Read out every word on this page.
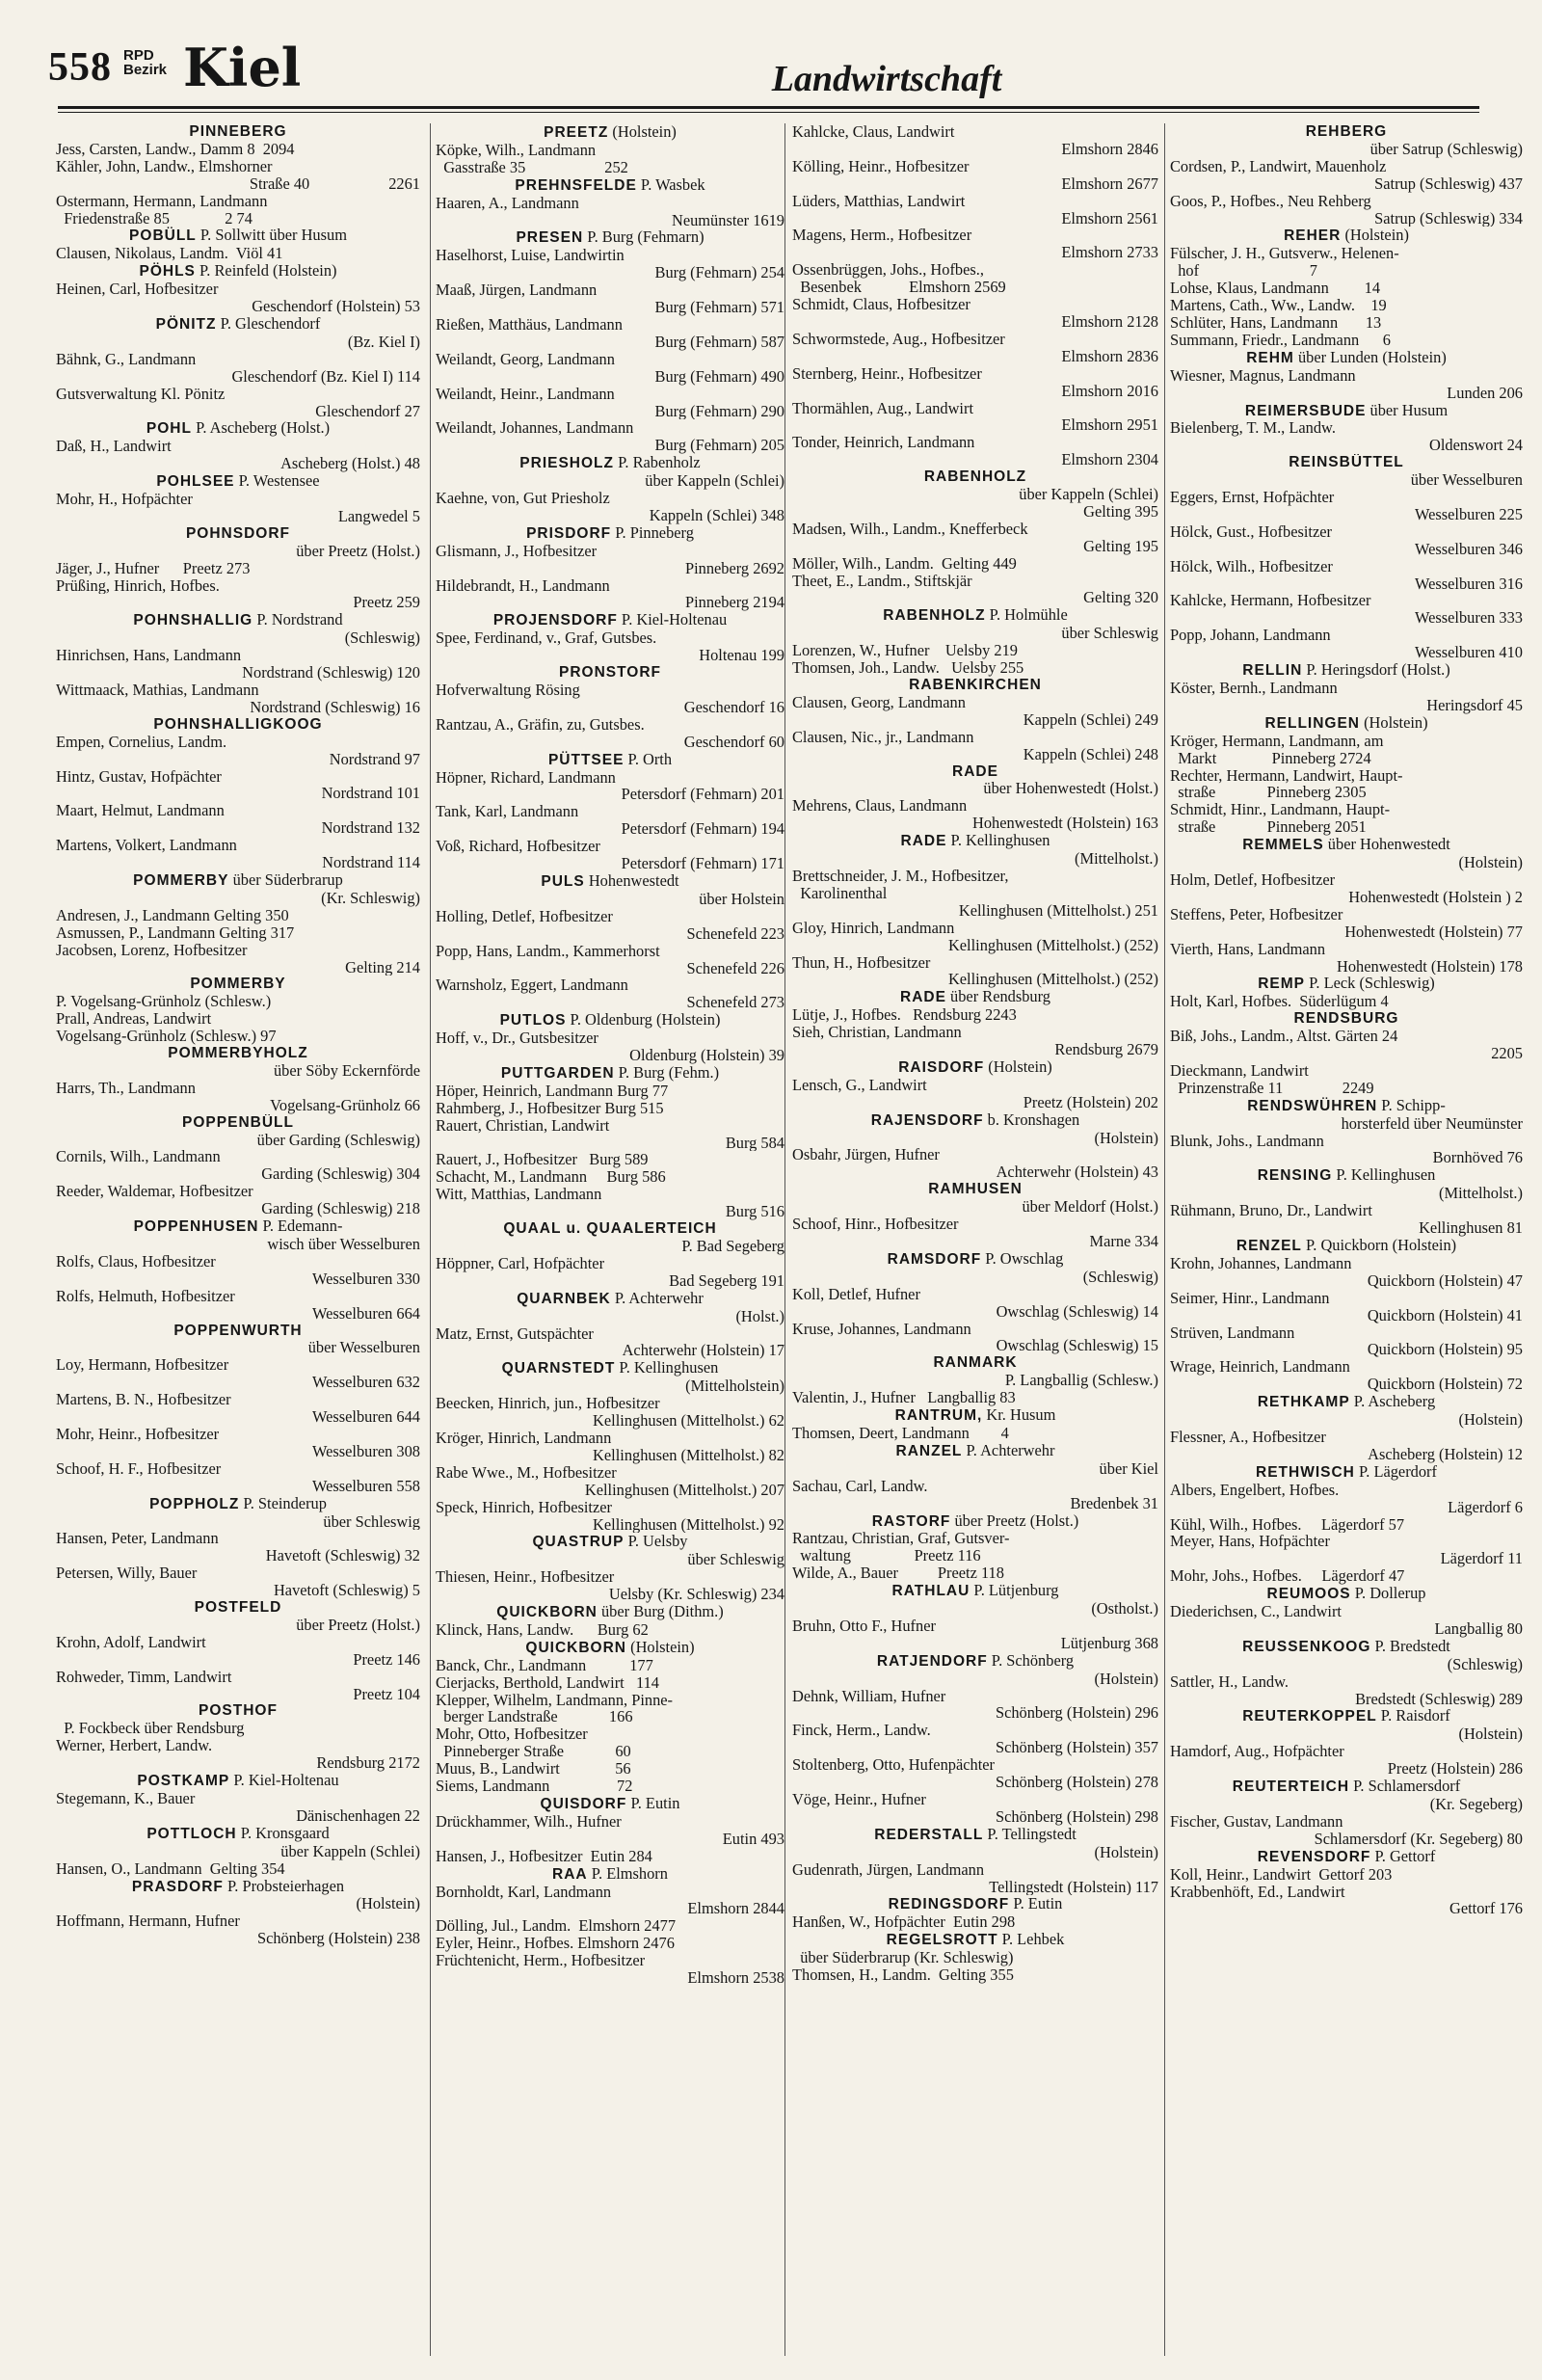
558 RPD
Bezirk Kiel	Landwirtschaft
PINNEBERG
Jess, Carsten, Landw., Damm 8  2094
Kähler, John, Landw., Elmshorner
Straße 40                    2261
Ostermann, Hermann, Landmann
Friedenstraße 85              2 74
POBÜLL P. Sollwitt über Husum
Clausen, Nikolaus, Landm.  Viöl 41
PÖHLS P. Reinfeld (Holstein)
Heinen, Carl, Hofbesitzer
Geschendorf (Holstein) 53
PÖNITZ P. Gleschendorf
(Bz. Kiel I)
Bähnk, G., Landmann
Gleschendorf (Bz. Kiel I) 114
Gutsverwaltung Kl. Pönitz
Gleschendorf 27
POHL P. Ascheberg (Holst.)
Daß, H., Landwirt
Ascheberg (Holst.) 48
POHLSEE P. Westensee
Mohr, H., Hofpächter
Langwedel 5
POHNSDORF
über Preetz (Holst.)
Jäger, J., Hufner      Preetz 273
Prüßing, Hinrich, Hofbes.
Preetz 259
POHNSHALLIG P. Nordstrand
(Schleswig)
Hinrichsen, Hans, Landmann
Nordstrand (Schleswig) 120
Wittmaack, Mathias, Landmann
Nordstrand (Schleswig) 16
POHNSHALLIGKOOG
Empen, Cornelius, Landm.
Nordstrand 97
Hintz, Gustav, Hofpächter
Nordstrand 101
Maart, Helmut, Landmann
Nordstrand 132
Martens, Volkert, Landmann
Nordstrand 114
POMMERBY über Süderbrarup
(Kr. Schleswig)
Andresen, J., Landmann Gelting 350
Asmussen, P., Landmann Gelting 317
Jacobsen, Lorenz, Hofbesitzer
Gelting 214
POMMERBY
P. Vogelsang-Grünholz (Schlesw.)
Prall, Andreas, Landwirt
Vogelsang-Grünholz (Schlesw.) 97
POMMERBYHOLZ
über Söby Eckernförde
Harrs, Th., Landmann
Vogelsang-Grünholz 66
POPPENBÜLL
über Garding (Schleswig)
Cornils, Wilh., Landmann
Garding (Schleswig) 304
Reeder, Waldemar, Hofbesitzer
Garding (Schleswig) 218
POPPENHUSEN P. Edemann-
wisch über Wesselburen
Rolfs, Claus, Hofbesitzer
Wesselburen 330
Rolfs, Helmuth, Hofbesitzer
Wesselburen 664
POPPENWURTH
über Wesselburen
Loy, Hermann, Hofbesitzer
Wesselburen 632
Martens, B. N., Hofbesitzer
Wesselburen 644
Mohr, Heinr., Hofbesitzer
Wesselburen 308
Schoof, H. F., Hofbesitzer
Wesselburen 558
POPPHOLZ P. Steinderup
über Schleswig
Hansen, Peter, Landmann
Havetoft (Schleswig) 32
Petersen, Willy, Bauer
Havetoft (Schleswig) 5
POSTFELD
über Preetz (Holst.)
Krohn, Adolf, Landwirt
Preetz 146
Rohweder, Timm, Landwirt
Preetz 104
POSTHOF
P. Fockbeck über Rendsburg
Werner, Herbert, Landw.
Rendsburg 2172
POSTKAMP P. Kiel-Holtenau
Stegemann, K., Bauer
Dänischenhagen 22
POTTLOCH P. Kronsgaard
über Kappeln (Schlei)
Hansen, O., Landmann  Gelting 354
PRASDORF P. Probsteierhagen
(Holstein)
Hoffmann, Hermann, Hufner
Schönberg (Holstein) 238
PREETZ (Holstein)
Köpke, Wilh., Landmann
Gasstraße 35                    252
PREHNSFELDE P. Wasbek
Haaren, A., Landmann
Neumünster 1619
PRESEN P. Burg (Fehmarn)
Haselhorst, Luise, Landwirtin
Burg (Fehmarn) 254
Maaß, Jürgen, Landmann
Burg (Fehmarn) 571
Rießen, Matthäus, Landmann
Burg (Fehmarn) 587
Weilandt, Georg, Landmann
Burg (Fehmarn) 490
Weilandt, Heinr., Landmann
Burg (Fehmarn) 290
Weilandt, Johannes, Landmann
Burg (Fehmarn) 205
PRIESHOLZ P. Rabenholz
über Kappeln (Schlei)
Kaehne, von, Gut Priesholz
Kappeln (Schlei) 348
PRISDORF P. Pinneberg
Glismann, J., Hofbesitzer
Pinneberg 2692
Hildebrandt, H., Landmann
Pinneberg 2194
PROJENSDORF P. Kiel-Holtenau
Spee, Ferdinand, v., Graf, Gutsbes.
Holtenau 199
PRONSTORF
Hofverwaltung Rösing
Geschendorf 16
Rantzau, A., Gräfin, zu, Gutsbes.
Geschendorf 60
PÜTTSEE P. Orth
Höpner, Richard, Landmann
Petersdorf (Fehmarn) 201
Tank, Karl, Landmann
Petersdorf (Fehmarn) 194
Voß, Richard, Hofbesitzer
Petersdorf (Fehmarn) 171
PULS Hohenwestedt
über Holstein
Holling, Detlef, Hofbesitzer
Schenefeld 223
Popp, Hans, Landm., Kammerhorst
Schenefeld 226
Warnsholz, Eggert, Landmann
Schenefeld 273
PUTLOS P. Oldenburg (Holstein)
Hoff, v., Dr., Gutsbesitzer
Oldenburg (Holstein) 39
PUTTGARDEN P. Burg (Fehm.)
Höper, Heinrich, Landmann Burg 77
Rahmberg, J., Hofbesitzer Burg 515
Rauert, Christian, Landwirt
Burg 584
Rauert, J., Hofbesitzer   Burg 589
Schacht, M., Landmann     Burg 586
Witt, Matthias, Landmann
Burg 516
QUAAL u. QUAALERTEICH
P. Bad Segeberg
Höppner, Carl, Hofpächter
Bad Segeberg 191
QUARNBEK P. Achterwehr
(Holst.)
Matz, Ernst, Gutspächter
Achterwehr (Holstein) 17
QUARNSTEDT P. Kellinghusen
(Mittelholstein)
Beecken, Hinrich, jun., Hofbesitzer
Kellinghusen (Mittelholst.) 62
Kröger, Hinrich, Landmann
Kellinghusen (Mittelholst.) 82
Rabe Wwe., M., Hofbesitzer
Kellinghusen (Mittelholst.) 207
Speck, Hinrich, Hofbesitzer
Kellinghusen (Mittelholst.) 92
QUASTRUP P. Uelsby
über Schleswig
Thiesen, Heinr., Hofbesitzer
Uelsby (Kr. Schleswig) 234
QUICKBORN über Burg (Dithm.)
Klinck, Hans, Landw.      Burg 62
QUICKBORN (Holstein)
Banck, Chr., Landmann           177
Cierjacks, Berthold, Landwirt   114
Klepper, Wilhelm, Landmann, Pinne-
berger Landstraße             166
Mohr, Otto, Hofbesitzer
Pinneberger Straße             60
Muus, B., Landwirt              56
Siems, Landmann                 72
QUISDORF P. Eutin
Drückhammer, Wilh., Hufner
Eutin 493
Hansen, J., Hofbesitzer  Eutin 284
RAA P. Elmshorn
Bornholdt, Karl, Landmann
Elmshorn 2844
Dölling, Jul., Landm.  Elmshorn 2477
Eyler, Heinr., Hofbes. Elmshorn 2476
Früchtenicht, Herm., Hofbesitzer
Elmshorn 2538
Kahlcke, Claus, Landwirt
Elmshorn 2846
Kölling, Heinr., Hofbesitzer
Elmshorn 2677
Lüders, Matthias, Landwirt
Elmshorn 2561
Magens, Herm., Hofbesitzer
Elmshorn 2733
Ossenbrüggen, Johs., Hofbes.,
Besenbek            Elmshorn 2569
Schmidt, Claus, Hofbesitzer
Elmshorn 2128
Schwormstede, Aug., Hofbesitzer
Elmshorn 2836
Sternberg, Heinr., Hofbesitzer
Elmshorn 2016
Thormählen, Aug., Landwirt
Elmshorn 2951
Tonder, Heinrich, Landmann
Elmshorn 2304
RABENHOLZ
über Kappeln (Schlei)
Gelting 395
Madsen, Wilh., Landm., Knefferbeck
Gelting 195
Möller, Wilh., Landm.  Gelting 449
Theet, E., Landm., Stiftskjär
Gelting 320
RABENHOLZ P. Holmühle
über Schleswig
Lorenzen, W., Hufner    Uelsby 219
Thomsen, Joh., Landw.   Uelsby 255
RABENKIRCHEN
Clausen, Georg, Landmann
Kappeln (Schlei) 249
Clausen, Nic., jr., Landmann
Kappeln (Schlei) 248
RADE
über Hohenwestedt (Holst.)
Mehrens, Claus, Landmann
Hohenwestedt (Holstein) 163
RADE P. Kellinghusen
(Mittelholst.)
Brettschneider, J. M., Hofbesitzer,
Karolinenthal
Kellinghusen (Mittelholst.) 251
Gloy, Hinrich, Landmann
Kellinghusen (Mittelholst.) (252)
Thun, H., Hofbesitzer
Kellinghusen (Mittelholst.) (252)
RADE über Rendsburg
Lütje, J., Hofbes.   Rendsburg 2243
Sieh, Christian, Landmann
Rendsburg 2679
RAISDORF (Holstein)
Lensch, G., Landwirt
Preetz (Holstein) 202
RAJENSDORF b. Kronshagen
(Holstein)
Osbahr, Jürgen, Hufner
Achterwehr (Holstein) 43
RAMHUSEN
über Meldorf (Holst.)
Schoof, Hinr., Hofbesitzer
Marne 334
RAMSDORF P. Owschlag
(Schleswig)
Koll, Detlef, Hufner
Owschlag (Schleswig) 14
Kruse, Johannes, Landmann
Owschlag (Schleswig) 15
RANMARK
P. Langballig (Schlesw.)
Valentin, J., Hufner   Langballig 83
RANTRUM, Kr. Husum
Thomsen, Deert, Landmann        4
RANZEL P. Achterwehr
über Kiel
Sachau, Carl, Landw.
Bredenbek 31
RASTORF über Preetz (Holst.)
Rantzau, Christian, Graf, Gutsver-
waltung                Preetz 116
Wilde, A., Bauer          Preetz 118
RATHLAU P. Lütjenburg
(Ostholst.)
Bruhn, Otto F., Hufner
Lütjenburg 368
RATJENDORF P. Schönberg
(Holstein)
Dehnk, William, Hufner
Schönberg (Holstein) 296
Finck, Herm., Landw.
Schönberg (Holstein) 357
Stoltenberg, Otto, Hufenpächter
Schönberg (Holstein) 278
Vöge, Heinr., Hufner
Schönberg (Holstein) 298
REDERSTALL P. Tellingstedt
(Holstein)
Gudenrath, Jürgen, Landmann
Tellingstedt (Holstein) 117
REDINGSDORF P. Eutin
Hanßen, W., Hofpächter  Eutin 298
REGELSROTT P. Lehbek
über Süderbrarup (Kr. Schleswig)
Thomsen, H., Landm.  Gelting 355
REHBERG
über Satrup (Schleswig)
Cordsen, P., Landwirt, Mauenholz
Satrup (Schleswig) 437
Goos, P., Hofbes., Neu Rehberg
Satrup (Schleswig) 334
REHER (Holstein)
Fülscher, J. H., Gutsverw., Helenen-
hof                            7
Lohse, Klaus, Landmann         14
Martens, Cath., Ww., Landw.    19
Schlüter, Hans, Landmann       13
Summann, Friedr., Landmann      6
REHM über Lunden (Holstein)
Wiesner, Magnus, Landmann
Lunden 206
REIMERSBUDE über Husum
Bielenberg, T. M., Landw.
Oldenswort 24
REINSBÜTTEL
über Wesselburen
Eggers, Ernst, Hofpächter
Wesselburen 225
Hölck, Gust., Hofbesitzer
Wesselburen 346
Hölck, Wilh., Hofbesitzer
Wesselburen 316
Kahlcke, Hermann, Hofbesitzer
Wesselburen 333
Popp, Johann, Landmann
Wesselburen 410
RELLIN P. Heringsdorf (Holst.)
Köster, Bernh., Landmann
Heringsdorf 45
RELLINGEN (Holstein)
Kröger, Hermann, Landmann, am
Markt              Pinneberg 2724
Rechter, Hermann, Landwirt, Haupt-
straße             Pinneberg 2305
Schmidt, Hinr., Landmann, Haupt-
straße             Pinneberg 2051
REMMELS über Hohenwestedt
(Holstein)
Holm, Detlef, Hofbesitzer
Hohenwestedt (Holstein ) 2
Steffens, Peter, Hofbesitzer
Hohenwestedt (Holstein) 77
Vierth, Hans, Landmann
Hohenwestedt (Holstein) 178
REMP P. Leck (Schleswig)
Holt, Karl, Hofbes.  Süderlügum 4
RENDSBURG
Biß, Johs., Landm., Altst. Gärten 24
2205
Dieckmann, Landwirt
Prinzenstraße 11               2249
RENDSWÜHREN P. Schipp-
horsterfeld über Neumünster
Blunk, Johs., Landmann
Bornhöved 76
RENSING P. Kellinghusen
(Mittelholst.)
Rühmann, Bruno, Dr., Landwirt
Kellinghusen 81
RENZEL P. Quickborn (Holstein)
Krohn, Johannes, Landmann
Quickborn (Holstein) 47
Seimer, Hinr., Landmann
Quickborn (Holstein) 41
Strüven, Landmann
Quickborn (Holstein) 95
Wrage, Heinrich, Landmann
Quickborn (Holstein) 72
RETHKAMP P. Ascheberg
(Holstein)
Flessner, A., Hofbesitzer
Ascheberg (Holstein) 12
RETHWISCH P. Lägerdorf
Albers, Engelbert, Hofbes.
Lägerdorf 6
Kühl, Wilh., Hofbes.     Lägerdorf 57
Meyer, Hans, Hofpächter
Lägerdorf 11
Mohr, Johs., Hofbes.     Lägerdorf 47
REUMOOS P. Dollerup
Diederichsen, C., Landwirt
Langballig 80
REUSSENKOOG P. Bredstedt
(Schleswig)
Sattler, H., Landw.
Bredstedt (Schleswig) 289
REUTERKOPPEL P. Raisdorf
(Holstein)
Hamdorf, Aug., Hofpächter
Preetz (Holstein) 286
REUTERTEICH P. Schlamersdorf
(Kr. Segeberg)
Fischer, Gustav, Landmann
Schlamersdorf (Kr. Segeberg) 80
REVENSDORF P. Gettorf
Koll, Heinr., Landwirt  Gettorf 203
Krabbenhöft, Ed., Landwirt
Gettorf 176
